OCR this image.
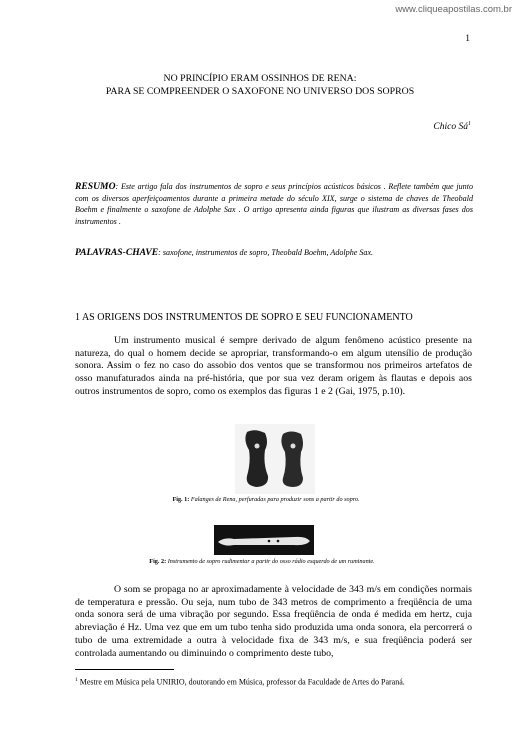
www.cliqueapostilas.com.br
1
NO PRINCÍPIO ERAM OSSINHOS DE RENA:
PARA SE COMPREENDER O SAXOFONE NO UNIVERSO DOS SOPROS
Chico $Sá^1$
RESUMO: Este artigo fala dos instrumentos de sopro e seus princípios acústicos básicos . Reflete também que junto com os diversos aperfeiçoamentos durante a primeira metade do século XIX, surge o sistema de chaves de Theobald Boehm e finalmente o saxofone de Adolphe Sax . O artigo apresenta ainda figuras que ilustram as diversas fases dos instrumentos .
PALAVRAS-CHAVE: saxofone, instrumentos de sopro, Theobald Boehm, Adolphe Sax.
1 AS ORIGENS DOS INSTRUMENTOS DE SOPRO E SEU FUNCIONAMENTO

Um instrumento musical é sempre derivado de algum fenômeno acústico presente na natureza, do qual o homem decide se apropriar, transformando-o em algum utensílio de produção sonora. Assim o fez no caso do assobio dos ventos que se transformou nos primeiros artefatos de osso manufaturados ainda na pré-história, que por sua vez deram origem às flautas e depois aos outros instrumentos de sopro, como os exemplos das figuras 1 e 2 (Gai, 1975, p.10).

Fig. 1: Falanges de Rena, perfuradas para produzir sons a partir do sopro.
Fig. 2: Instrumento de sopro rudimentar a partir do osso rádio esquerdo de um ruminante.

O som se propaga no ar aproximadamente à velocidade de 343 m/s em condições normais de temperatura e pressão. Ou seja, num tubo de 343 metros de comprimento a freqüência de uma onda sonora será de uma vibração por segundo. Essa freqüência de onda é medida em hertz, cuja abreviação é Hz. Uma vez que em um tubo tenha sido produzida uma onda sonora, ela percorrerá o tubo de uma extremidade a outra à velocidade fixa de 343 m/s, e sua freqüência poderá ser controlada aumentando ou diminuindo o comprimento deste tubo,

$^1$ Mestre em Música pela UNIRIO, doutorando em Música, professor da Faculdade de Artes do Paraná.
